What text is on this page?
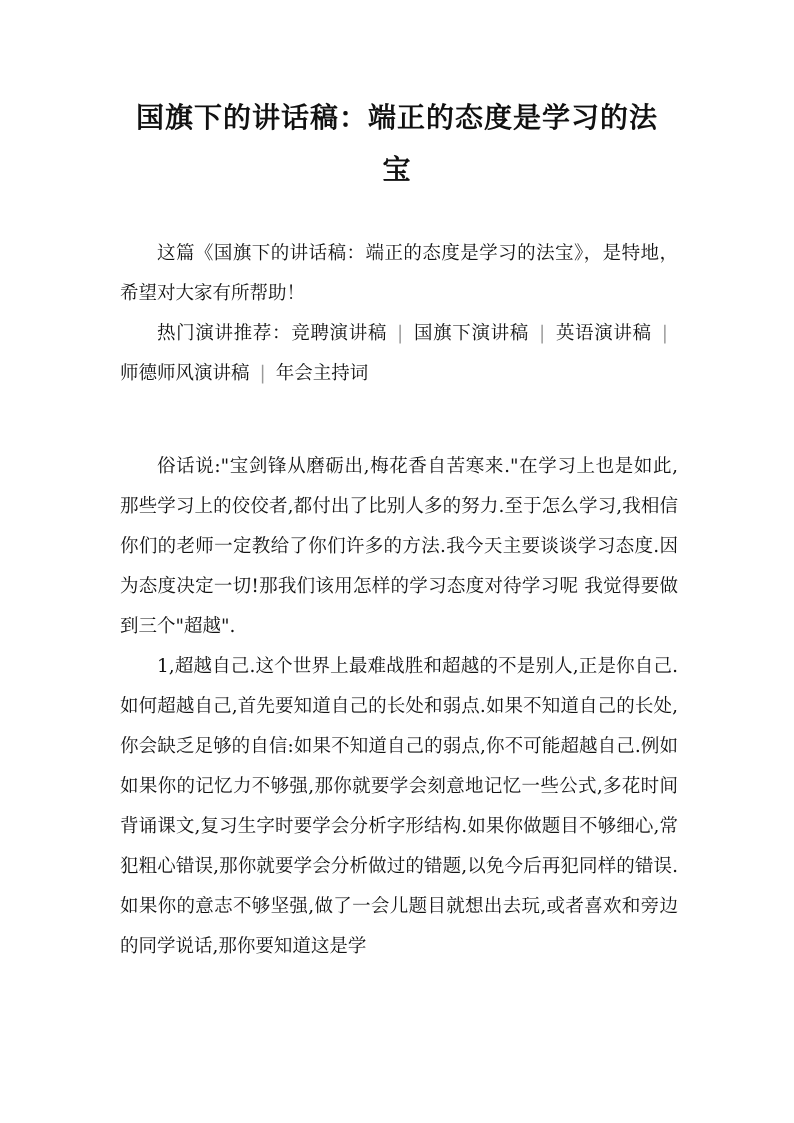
国旗下的讲话稿：端正的态度是学习的法
宝

这篇《国旗下的讲话稿：端正的态度是学习的法宝》，是特地，希望对大家有所帮助！

热门演讲推荐：竞聘演讲稿 | 国旗下演讲稿 | 英语演讲稿 |师德师风演讲稿 | 年会主持词

俗话说:"宝剑锋从磨砺出,梅花香自苦寒来."在学习上也是如此,那些学习上的佼佼者,都付出了比别人多的努力.至于怎么学习,我相信你们的老师一定教给了你们许多的方法.我今天主要谈谈学习态度.因为态度决定一切!那我们该用怎样的学习态度对待学习呢 我觉得要做到三个"超越".

1,超越自己.这个世界上最难战胜和超越的不是别人,正是你自己.如何超越自己,首先要知道自己的长处和弱点.如果不知道自己的长处,你会缺乏足够的自信:如果不知道自己的弱点,你不可能超越自己.例如如果你的记忆力不够强,那你就要学会刻意地记忆一些公式,多花时间背诵课文,复习生字时要学会分析字形结构.如果你做题目不够细心,常犯粗心错误,那你就要学会分析做过的错题,以免今后再犯同样的错误.如果你的意志不够坚强,做了一会儿题目就想出去玩,或者喜欢和旁边的同学说话,那你要知道这是学
